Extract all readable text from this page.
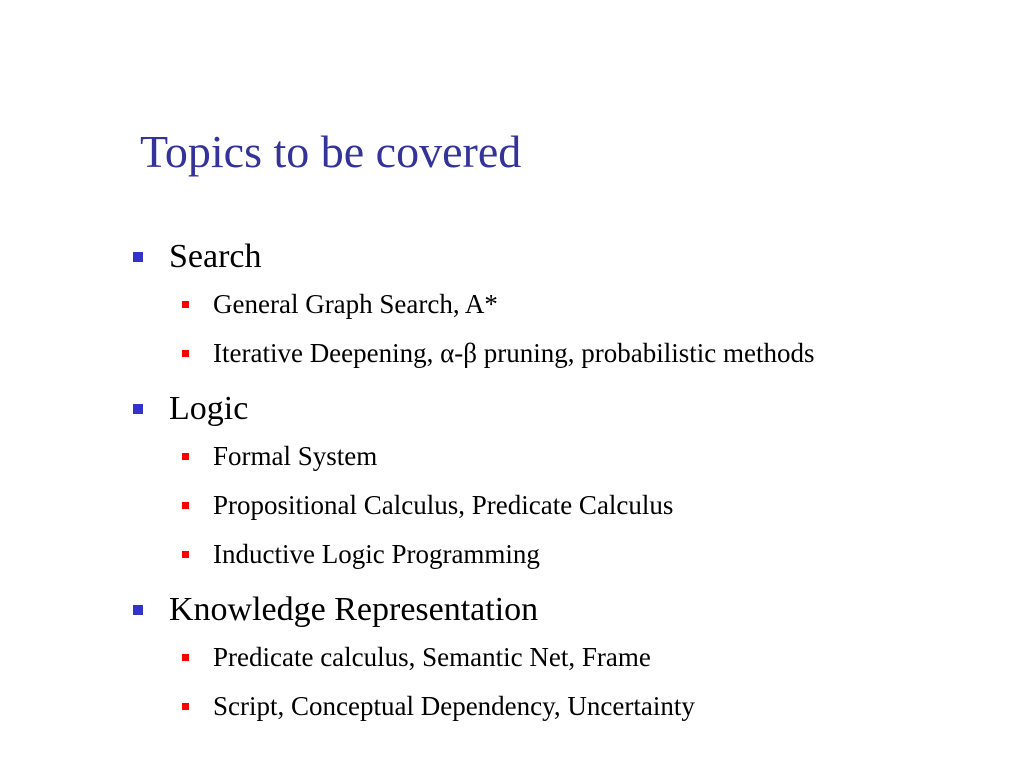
Topics to be covered
Search
General Graph Search, A*
Iterative Deepening, α-β pruning, probabilistic methods
Logic
Formal System
Propositional Calculus, Predicate Calculus
Inductive Logic Programming
Knowledge Representation
Predicate calculus, Semantic Net, Frame
Script, Conceptual Dependency, Uncertainty
